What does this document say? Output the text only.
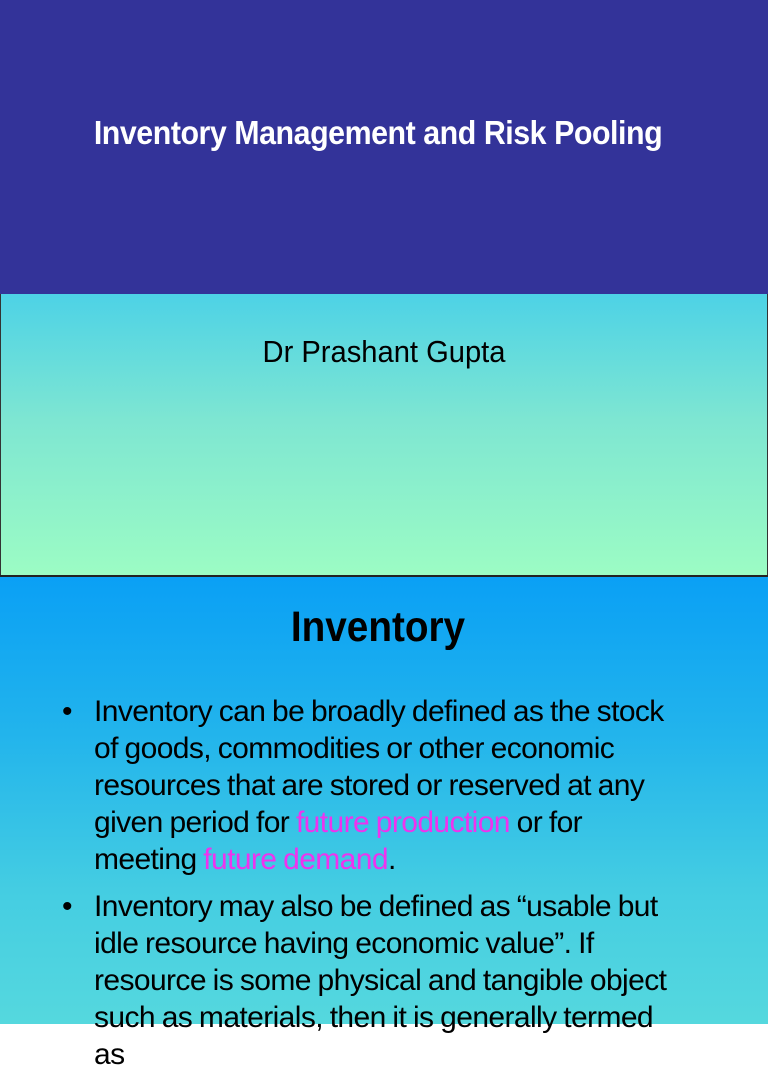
Inventory Management and Risk Pooling
Dr Prashant Gupta
Inventory
• Inventory can be broadly defined as the stock of goods, commodities or other economic resources that are stored or reserved at any given period for future production or for meeting future demand.
• Inventory may also be defined as “usable but idle resource having economic value”. If resource is some physical and tangible object such as materials, then it is generally termed as
